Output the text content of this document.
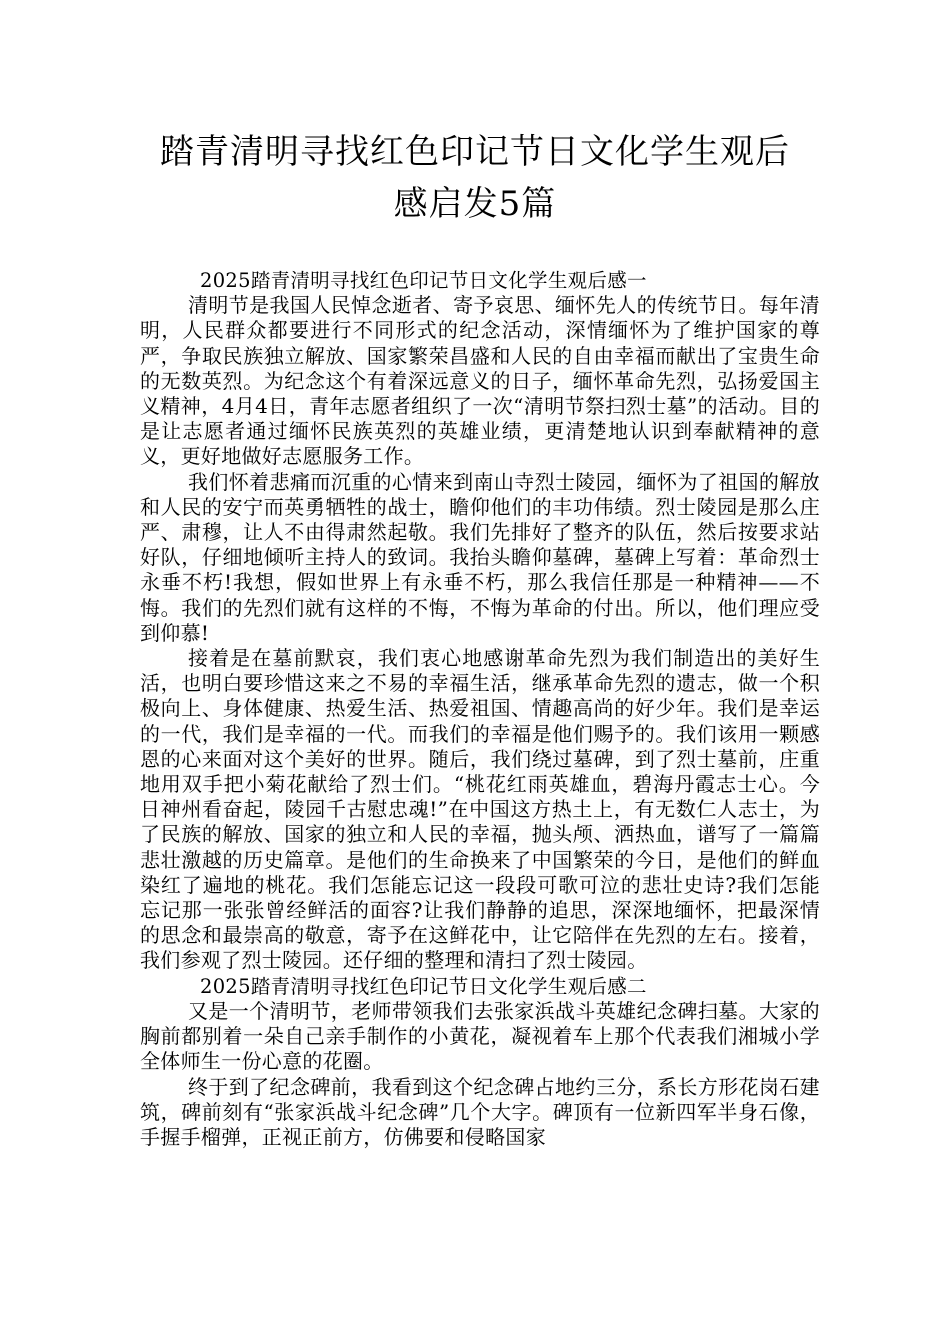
踏青清明寻找红色印记节日文化学生观后
感启发5篇

2025踏青清明寻找红色印记节日文化学生观后感一

清明节是我国人民悼念逝者、寄予哀思、缅怀先人的传统节日。每年清明，人民群众都要进行不同形式的纪念活动，深情缅怀为了维护国家的尊严，争取民族独立解放、国家繁荣昌盛和人民的自由幸福而献出了宝贵生命的无数英烈。为纪念这个有着深远意义的日子，缅怀革命先烈，弘扬爱国主义精神，4月4日，青年志愿者组织了一次“清明节祭扫烈士墓”的活动。目的是让志愿者通过缅怀民族英烈的英雄业绩，更清楚地认识到奉献精神的意义，更好地做好志愿服务工作。

我们怀着悲痛而沉重的心情来到南山寺烈士陵园，缅怀为了祖国的解放和人民的安宁而英勇牺牲的战士，瞻仰他们的丰功伟绩。烈士陵园是那么庄严、肃穆，让人不由得肃然起敬。我们先排好了整齐的队伍，然后按要求站好队，仔细地倾听主持人的致词。我抬头瞻仰墓碑，墓碑上写着：革命烈士永垂不朽!我想，假如世界上有永垂不朽，那么我信任那是一种精神——不悔。我们的先烈们就有这样的不悔，不悔为革命的付出。所以，他们理应受到仰慕!

接着是在墓前默哀，我们衷心地感谢革命先烈为我们制造出的美好生活，也明白要珍惜这来之不易的幸福生活，继承革命先烈的遗志，做一个积极向上、身体健康、热爱生活、热爱祖国、情趣高尚的好少年。我们是幸运的一代，我们是幸福的一代。而我们的幸福是他们赐予的。我们该用一颗感恩的心来面对这个美好的世界。随后，我们绕过墓碑，到了烈士墓前，庄重地用双手把小菊花献给了烈士们。“桃花红雨英雄血，碧海丹霞志士心。今日神州看奋起，陵园千古慰忠魂!”在中国这方热土上，有无数仁人志士，为了民族的解放、国家的独立和人民的幸福，抛头颅、洒热血，谱写了一篇篇悲壮激越的历史篇章。是他们的生命换来了中国繁荣的今日，是他们的鲜血染红了遍地的桃花。我们怎能忘记这一段段可歌可泣的悲壮史诗?我们怎能忘记那一张张曾经鲜活的面容?让我们静静的追思，深深地缅怀，把最深情的思念和最崇高的敬意，寄予在这鲜花中，让它陪伴在先烈的左右。接着，我们参观了烈士陵园。还仔细的整理和清扫了烈士陵园。

2025踏青清明寻找红色印记节日文化学生观后感二

又是一个清明节，老师带领我们去张家浜战斗英雄纪念碑扫墓。大家的胸前都别着一朵自己亲手制作的小黄花，凝视着车上那个代表我们湘城小学全体师生一份心意的花圈。

终于到了纪念碑前，我看到这个纪念碑占地约三分，系长方形花岗石建筑，碑前刻有“张家浜战斗纪念碑”几个大字。碑顶有一位新四军半身石像，手握手榴弹，正视正前方，仿佛要和侵略国家
